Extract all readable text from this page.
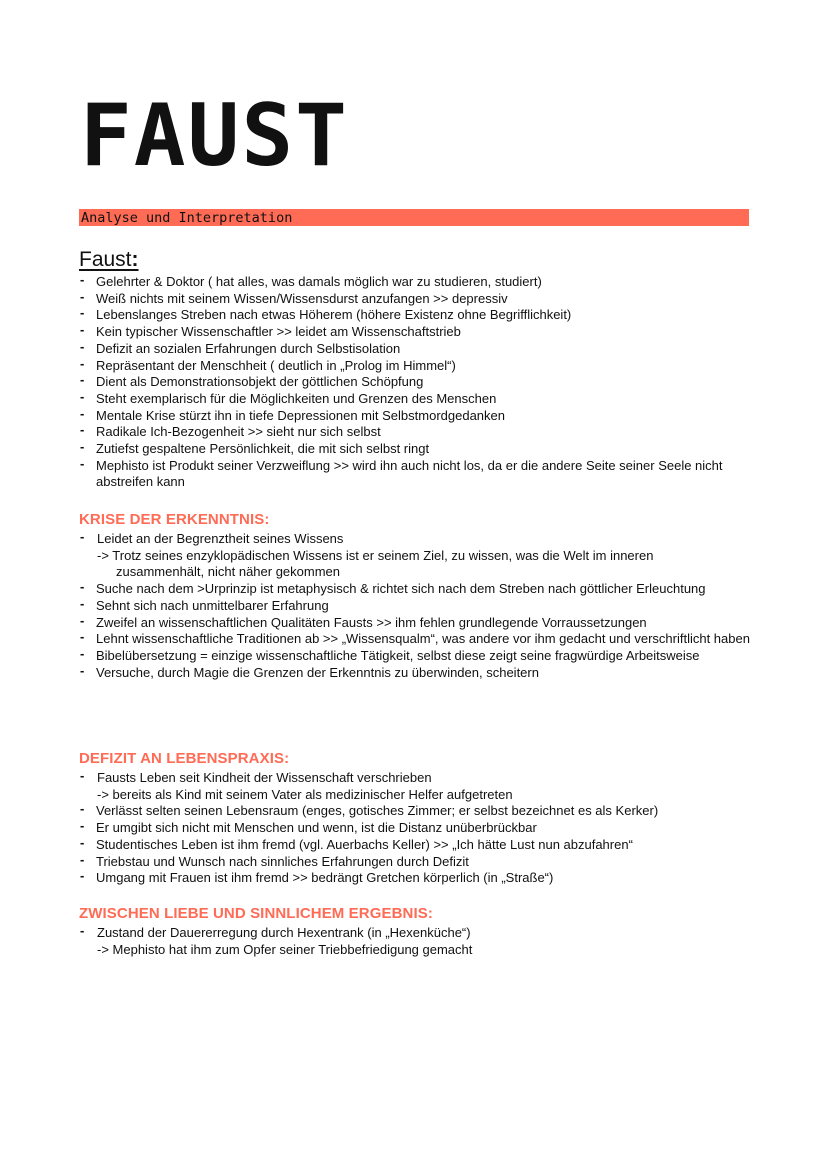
FAUST
Analyse und Interpretation
Faust:
- Gelehrter & Doktor ( hat alles, was damals möglich war zu studieren, studiert)
- Weiß nichts mit seinem Wissen/Wissensdurst anzufangen >> depressiv
- Lebenslanges Streben nach etwas Höherem (höhere Existenz ohne Begrifflichkeit)
- Kein typischer Wissenschaftler >> leidet am Wissenschaftstrieb
- Defizit an sozialen Erfahrungen durch Selbstisolation
- Repräsentant der Menschheit ( deutlich in „Prolog im Himmel“)
- Dient als Demonstrationsobjekt der göttlichen Schöpfung
- Steht exemplarisch für die Möglichkeiten und Grenzen des Menschen
- Mentale Krise stürzt ihn in tiefe Depressionen mit Selbstmordgedanken
- Radikale Ich-Bezogenheit >> sieht nur sich selbst
- Zutiefst gespaltene Persönlichkeit, die mit sich selbst ringt
- Mephisto ist Produkt seiner Verzweiflung >> wird ihn auch nicht los, da er die andere Seite seiner Seele nicht abstreifen kann
KRISE DER ERKENNTNIS:
- Leidet an der Begrenztheit seines Wissens
-> Trotz seines enzyklopädischen Wissens ist er seinem Ziel, zu wissen, was die Welt im inneren
zusammenhält, nicht näher gekommen
- Suche nach dem >Urprinzip ist metaphysisch & richtet sich nach dem Streben nach göttlicher Erleuchtung
- Sehnt sich nach unmittelbarer Erfahrung
- Zweifel an wissenschaftlichen Qualitäten Fausts >> ihm fehlen grundlegende Vorraussetzungen
- Lehnt wissenschaftliche Traditionen ab >> „Wissensqualm“, was andere vor ihm gedacht und verschriftlicht haben
- Bibelübersetzung = einzige wissenschaftliche Tätigkeit, selbst diese zeigt seine fragwürdige Arbeitsweise
- Versuche, durch Magie die Grenzen der Erkenntnis zu überwinden, scheitern
DEFIZIT AN LEBENSPRAXIS:
- Fausts Leben seit Kindheit der Wissenschaft verschrieben
-> bereits als Kind mit seinem Vater als medizinischer Helfer aufgetreten
- Verlässt selten seinen Lebensraum (enges, gotisches Zimmer; er selbst bezeichnet es als Kerker)
- Er umgibt sich nicht mit Menschen und wenn, ist die Distanz unüberbrückbar
- Studentisches Leben ist ihm fremd (vgl. Auerbachs Keller) >> „Ich hätte Lust nun abzufahren“
- Triebstau und Wunsch nach sinnliches Erfahrungen durch Defizit
- Umgang mit Frauen ist ihm fremd >> bedrängt Gretchen körperlich (in „Straße“)
ZWISCHEN LIEBE UND SINNLICHEM ERGEBNIS:
- Zustand der Dauererregung durch Hexentrank (in „Hexenküche“)
-> Mephisto hat ihm zum Opfer seiner Triebbefriedigung gemacht
